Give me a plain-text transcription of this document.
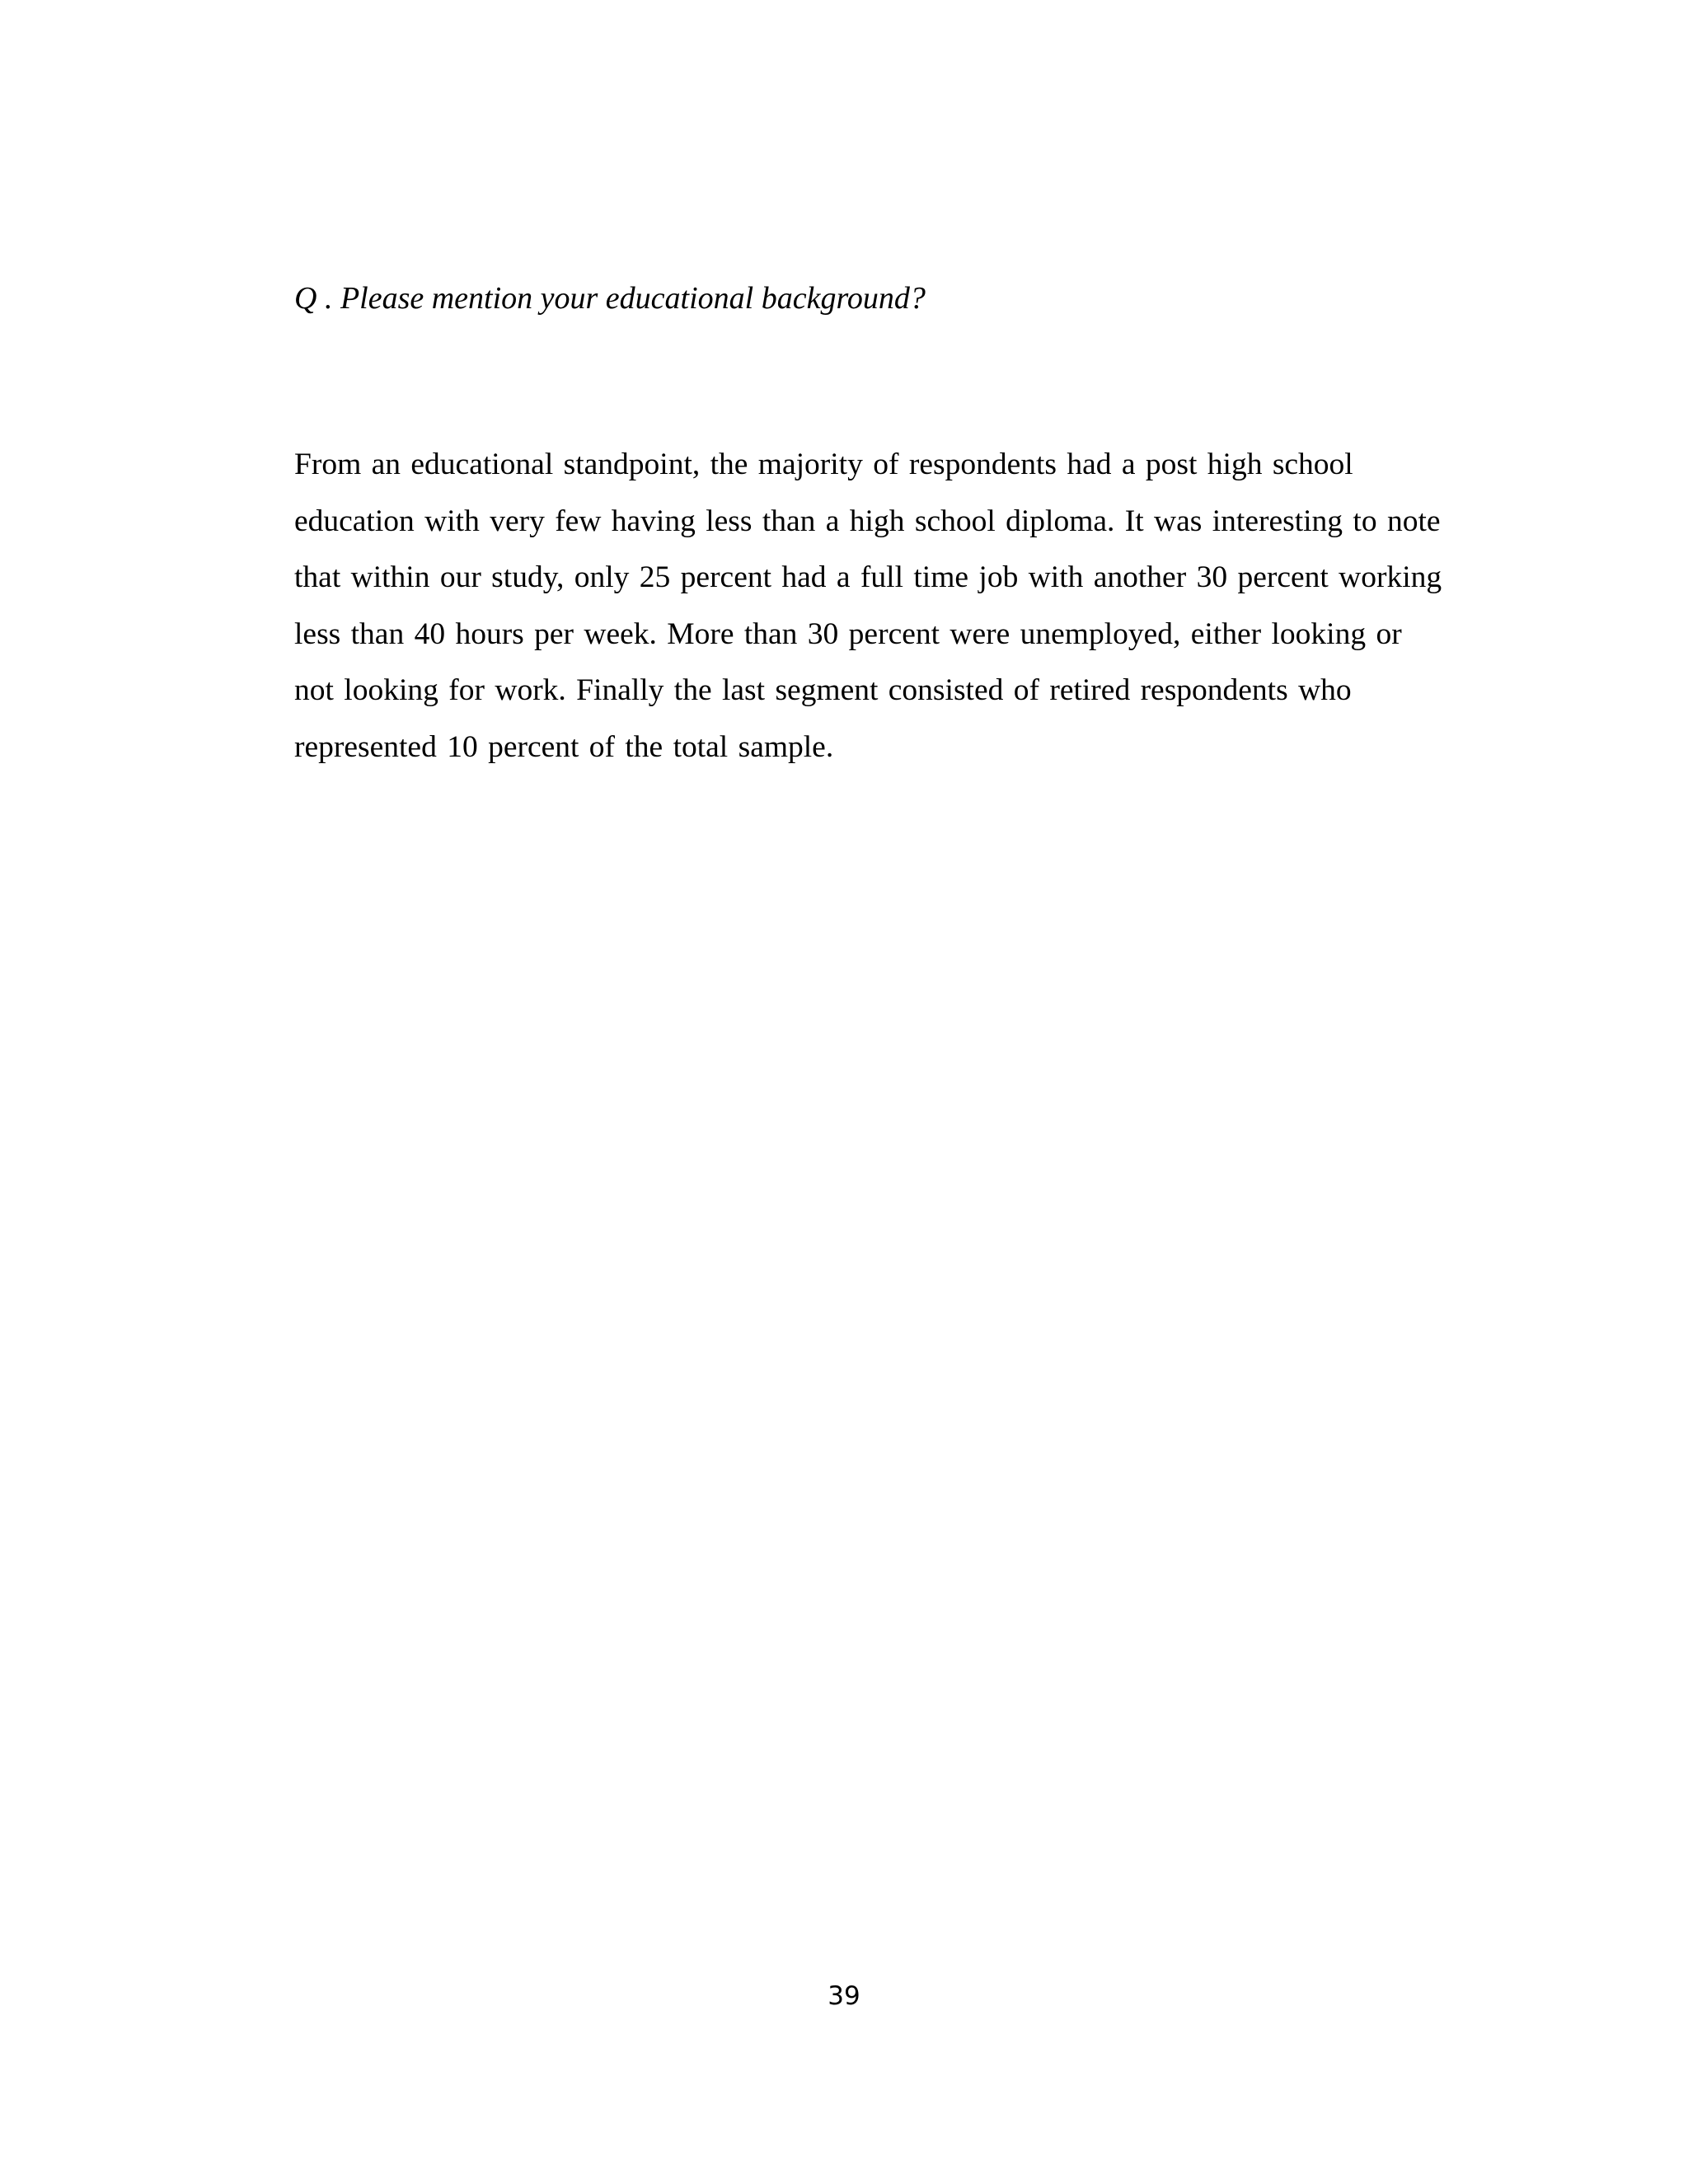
Q . Please mention your educational background?

From an educational standpoint, the majority of respondents had a post high school
education with very few having less than a high school diploma. It was interesting to note
that within our study, only 25 percent had a full time job with another 30 percent working
less than 40 hours per week. More than 30 percent were unemployed, either looking or
not looking for work. Finally the last segment consisted of retired respondents who
represented 10 percent of the total sample.

39
